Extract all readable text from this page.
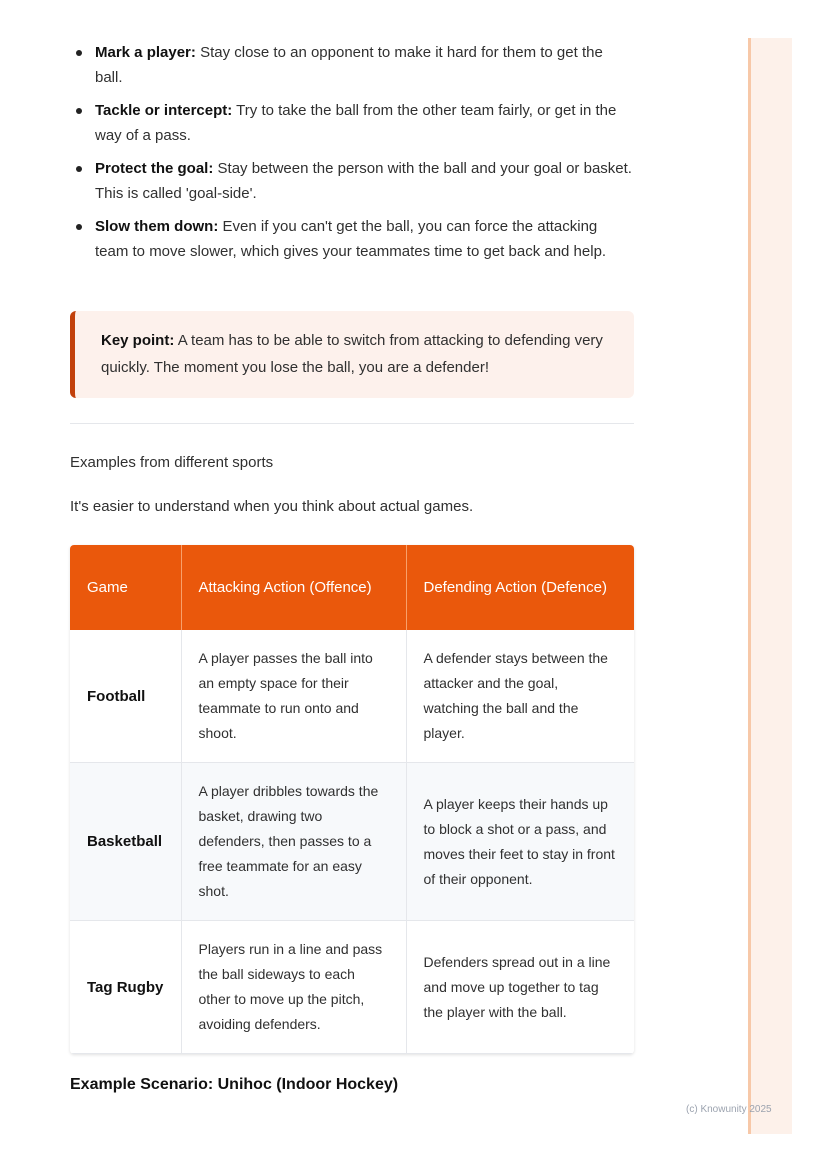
Mark a player: Stay close to an opponent to make it hard for them to get the ball.
Tackle or intercept: Try to take the ball from the other team fairly, or get in the way of a pass.
Protect the goal: Stay between the person with the ball and your goal or basket. This is called 'goal-side'.
Slow them down: Even if you can't get the ball, you can force the attacking team to move slower, which gives your teammates time to get back and help.
Key point: A team has to be able to switch from attacking to defending very quickly. The moment you lose the ball, you are a defender!
Examples from different sports
It's easier to understand when you think about actual games.
Game	Attacking Action (Offence)	Defending Action (Defence)
Football	A player passes the ball into an empty space for their teammate to run onto and shoot.	A defender stays between the attacker and the goal, watching the ball and the player.
Basketball	A player dribbles towards the basket, drawing two defenders, then passes to a free teammate for an easy shot.	A player keeps their hands up to block a shot or a pass, and moves their feet to stay in front of their opponent.
Tag Rugby	Players run in a line and pass the ball sideways to each other to move up the pitch, avoiding defenders.	Defenders spread out in a line and move up together to tag the player with the ball.
Example Scenario: Unihoc (Indoor Hockey)
(c) Knowunity 2025
